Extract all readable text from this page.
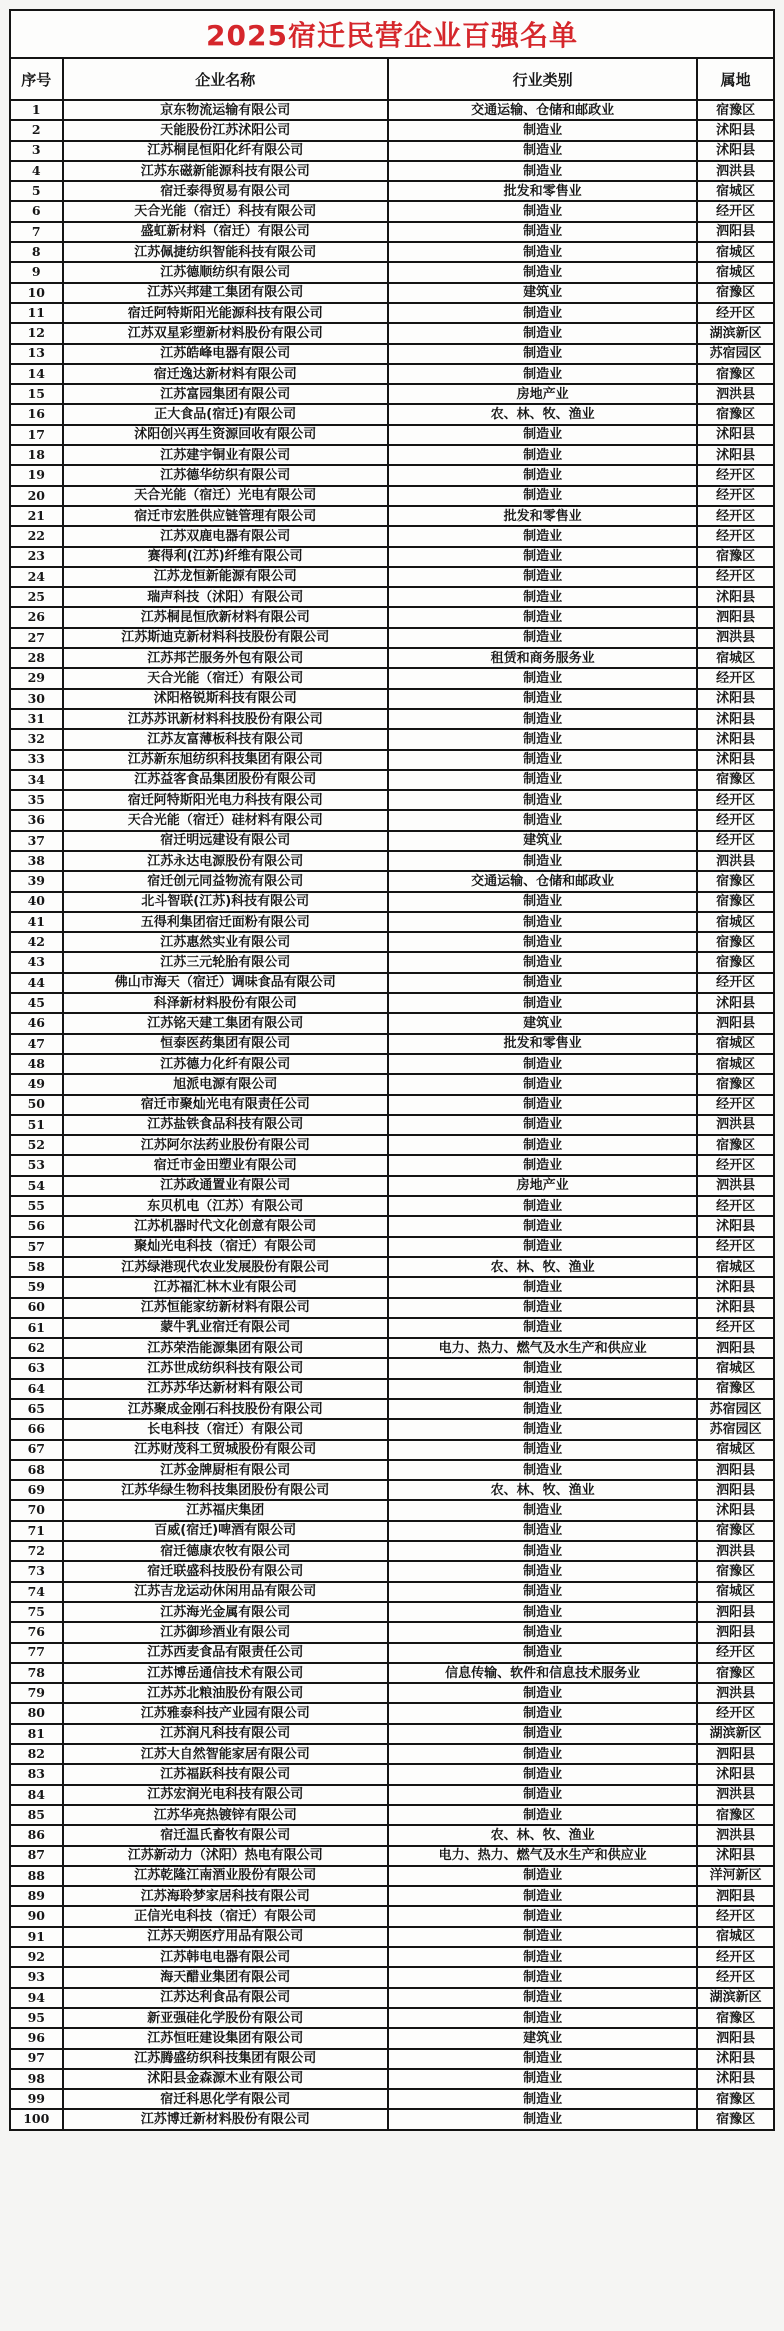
2025宿迁民营企业百强名单			
序号	企业名称	行业类别	属地
1	京东物流运输有限公司	交通运输、仓储和邮政业	宿豫区
2	天能股份江苏沭阳公司	制造业	沭阳县
3	江苏桐昆恒阳化纤有限公司	制造业	沭阳县
4	江苏东磁新能源科技有限公司	制造业	泗洪县
5	宿迁泰得贸易有限公司	批发和零售业	宿城区
6	天合光能（宿迁）科技有限公司	制造业	经开区
7	盛虹新材料（宿迁）有限公司	制造业	泗阳县
8	江苏佩捷纺织智能科技有限公司	制造业	宿城区
9	江苏德顺纺织有限公司	制造业	宿城区
10	江苏兴邦建工集团有限公司	建筑业	宿豫区
11	宿迁阿特斯阳光能源科技有限公司	制造业	经开区
12	江苏双星彩塑新材料股份有限公司	制造业	湖滨新区
13	江苏皓峰电器有限公司	制造业	苏宿园区
14	宿迁逸达新材料有限公司	制造业	宿豫区
15	江苏富园集团有限公司	房地产业	泗洪县
16	正大食品(宿迁)有限公司	农、林、牧、渔业	宿豫区
17	沭阳创兴再生资源回收有限公司	制造业	沭阳县
18	江苏建宇铜业有限公司	制造业	沭阳县
19	江苏德华纺织有限公司	制造业	经开区
20	天合光能（宿迁）光电有限公司	制造业	经开区
21	宿迁市宏胜供应链管理有限公司	批发和零售业	经开区
22	江苏双鹿电器有限公司	制造业	经开区
23	赛得利(江苏)纤维有限公司	制造业	宿豫区
24	江苏龙恒新能源有限公司	制造业	经开区
25	瑞声科技（沭阳）有限公司	制造业	沭阳县
26	江苏桐昆恒欣新材料有限公司	制造业	泗阳县
27	江苏斯迪克新材料科技股份有限公司	制造业	泗洪县
28	江苏邦芒服务外包有限公司	租赁和商务服务业	宿城区
29	天合光能（宿迁）有限公司	制造业	经开区
30	沭阳格锐斯科技有限公司	制造业	沭阳县
31	江苏苏讯新材料科技股份有限公司	制造业	沭阳县
32	江苏友富薄板科技有限公司	制造业	沭阳县
33	江苏新东旭纺织科技集团有限公司	制造业	沭阳县
34	江苏益客食品集团股份有限公司	制造业	宿豫区
35	宿迁阿特斯阳光电力科技有限公司	制造业	经开区
36	天合光能（宿迁）硅材料有限公司	制造业	经开区
37	宿迁明远建设有限公司	建筑业	经开区
38	江苏永达电源股份有限公司	制造业	泗洪县
39	宿迁创元同益物流有限公司	交通运输、仓储和邮政业	宿豫区
40	北斗智联(江苏)科技有限公司	制造业	宿豫区
41	五得利集团宿迁面粉有限公司	制造业	宿城区
42	江苏惠然实业有限公司	制造业	宿豫区
43	江苏三元轮胎有限公司	制造业	宿豫区
44	佛山市海天（宿迁）调味食品有限公司	制造业	经开区
45	科泽新材料股份有限公司	制造业	沭阳县
46	江苏铭天建工集团有限公司	建筑业	泗阳县
47	恒泰医药集团有限公司	批发和零售业	宿城区
48	江苏德力化纤有限公司	制造业	宿城区
49	旭派电源有限公司	制造业	宿豫区
50	宿迁市聚灿光电有限责任公司	制造业	经开区
51	江苏盐铁食品科技有限公司	制造业	泗洪县
52	江苏阿尔法药业股份有限公司	制造业	宿豫区
53	宿迁市金田塑业有限公司	制造业	经开区
54	江苏政通置业有限公司	房地产业	泗洪县
55	东贝机电（江苏）有限公司	制造业	经开区
56	江苏机器时代文化创意有限公司	制造业	沭阳县
57	聚灿光电科技（宿迁）有限公司	制造业	经开区
58	江苏绿港现代农业发展股份有限公司	农、林、牧、渔业	宿城区
59	江苏福汇林木业有限公司	制造业	沭阳县
60	江苏恒能家纺新材料有限公司	制造业	沭阳县
61	蒙牛乳业宿迁有限公司	制造业	经开区
62	江苏荣浩能源集团有限公司	电力、热力、燃气及水生产和供应业	泗阳县
63	江苏世成纺织科技有限公司	制造业	宿城区
64	江苏苏华达新材料有限公司	制造业	宿豫区
65	江苏聚成金刚石科技股份有限公司	制造业	苏宿园区
66	长电科技（宿迁）有限公司	制造业	苏宿园区
67	江苏财茂科工贸城股份有限公司	制造业	宿城区
68	江苏金牌厨柜有限公司	制造业	泗阳县
69	江苏华绿生物科技集团股份有限公司	农、林、牧、渔业	泗阳县
70	江苏福庆集团	制造业	沭阳县
71	百威(宿迁)啤酒有限公司	制造业	宿豫区
72	宿迁德康农牧有限公司	制造业	泗洪县
73	宿迁联盛科技股份有限公司	制造业	宿豫区
74	江苏吉龙运动休闲用品有限公司	制造业	宿城区
75	江苏海光金属有限公司	制造业	泗阳县
76	江苏御珍酒业有限公司	制造业	泗阳县
77	江苏西麦食品有限责任公司	制造业	经开区
78	江苏博岳通信技术有限公司	信息传输、软件和信息技术服务业	宿豫区
79	江苏苏北粮油股份有限公司	制造业	泗洪县
80	江苏雅泰科技产业园有限公司	制造业	经开区
81	江苏润凡科技有限公司	制造业	湖滨新区
82	江苏大自然智能家居有限公司	制造业	泗阳县
83	江苏福跃科技有限公司	制造业	沭阳县
84	江苏宏润光电科技有限公司	制造业	泗洪县
85	江苏华亮热镀锌有限公司	制造业	宿豫区
86	宿迁温氏畜牧有限公司	农、林、牧、渔业	泗洪县
87	江苏新动力（沭阳）热电有限公司	电力、热力、燃气及水生产和供应业	沭阳县
88	江苏乾隆江南酒业股份有限公司	制造业	洋河新区
89	江苏海聆梦家居科技有限公司	制造业	泗阳县
90	正信光电科技（宿迁）有限公司	制造业	经开区
91	江苏天朔医疗用品有限公司	制造业	宿城区
92	江苏韩电电器有限公司	制造业	经开区
93	海天醋业集团有限公司	制造业	经开区
94	江苏达利食品有限公司	制造业	湖滨新区
95	新亚强硅化学股份有限公司	制造业	宿豫区
96	江苏恒旺建设集团有限公司	建筑业	泗阳县
97	江苏腾盛纺织科技集团有限公司	制造业	沭阳县
98	沭阳县金森源木业有限公司	制造业	沭阳县
99	宿迁科思化学有限公司	制造业	宿豫区
100	江苏博迁新材料股份有限公司	制造业	宿豫区
